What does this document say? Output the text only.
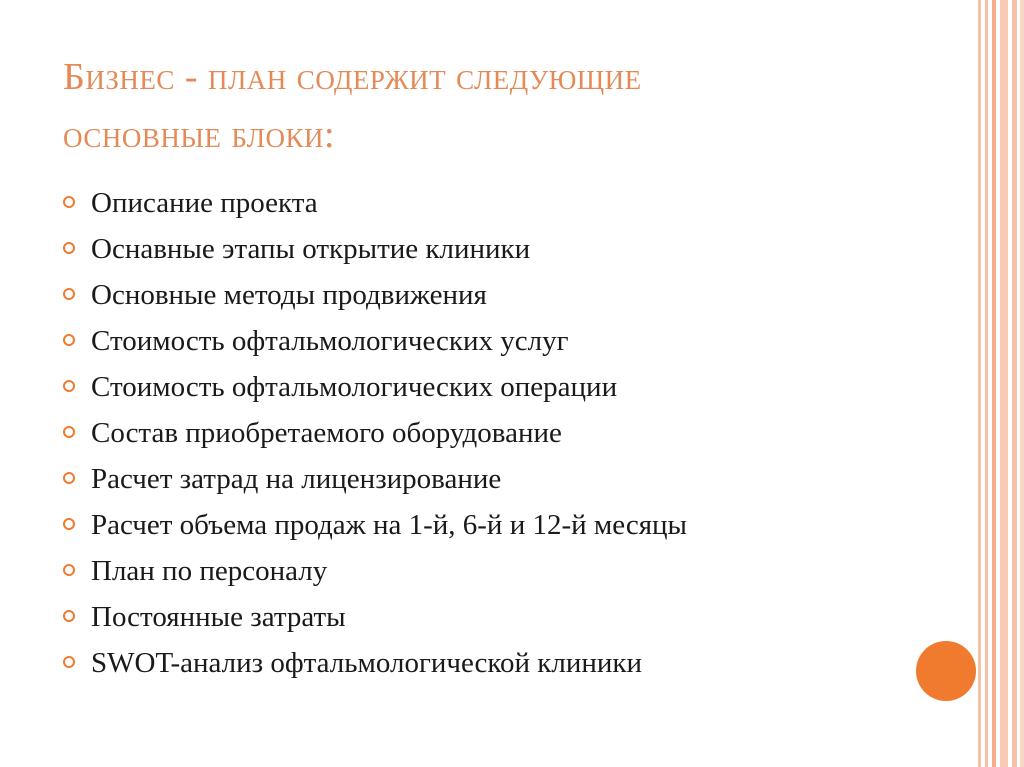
Бизнес - план содержит следующие
основные блоки:
Описание проекта
Оснавные этапы открытие клиники
Основные методы продвижения
Стоимость офтальмологических услуг
Стоимость офтальмологических операции
Состав приобретаемого оборудование
Расчет затрад на лицензирование
Расчет объема продаж на 1-й, 6-й и 12-й месяцы
План по персоналу
Постоянные затраты
SWOT-анализ офтальмологической клиники
